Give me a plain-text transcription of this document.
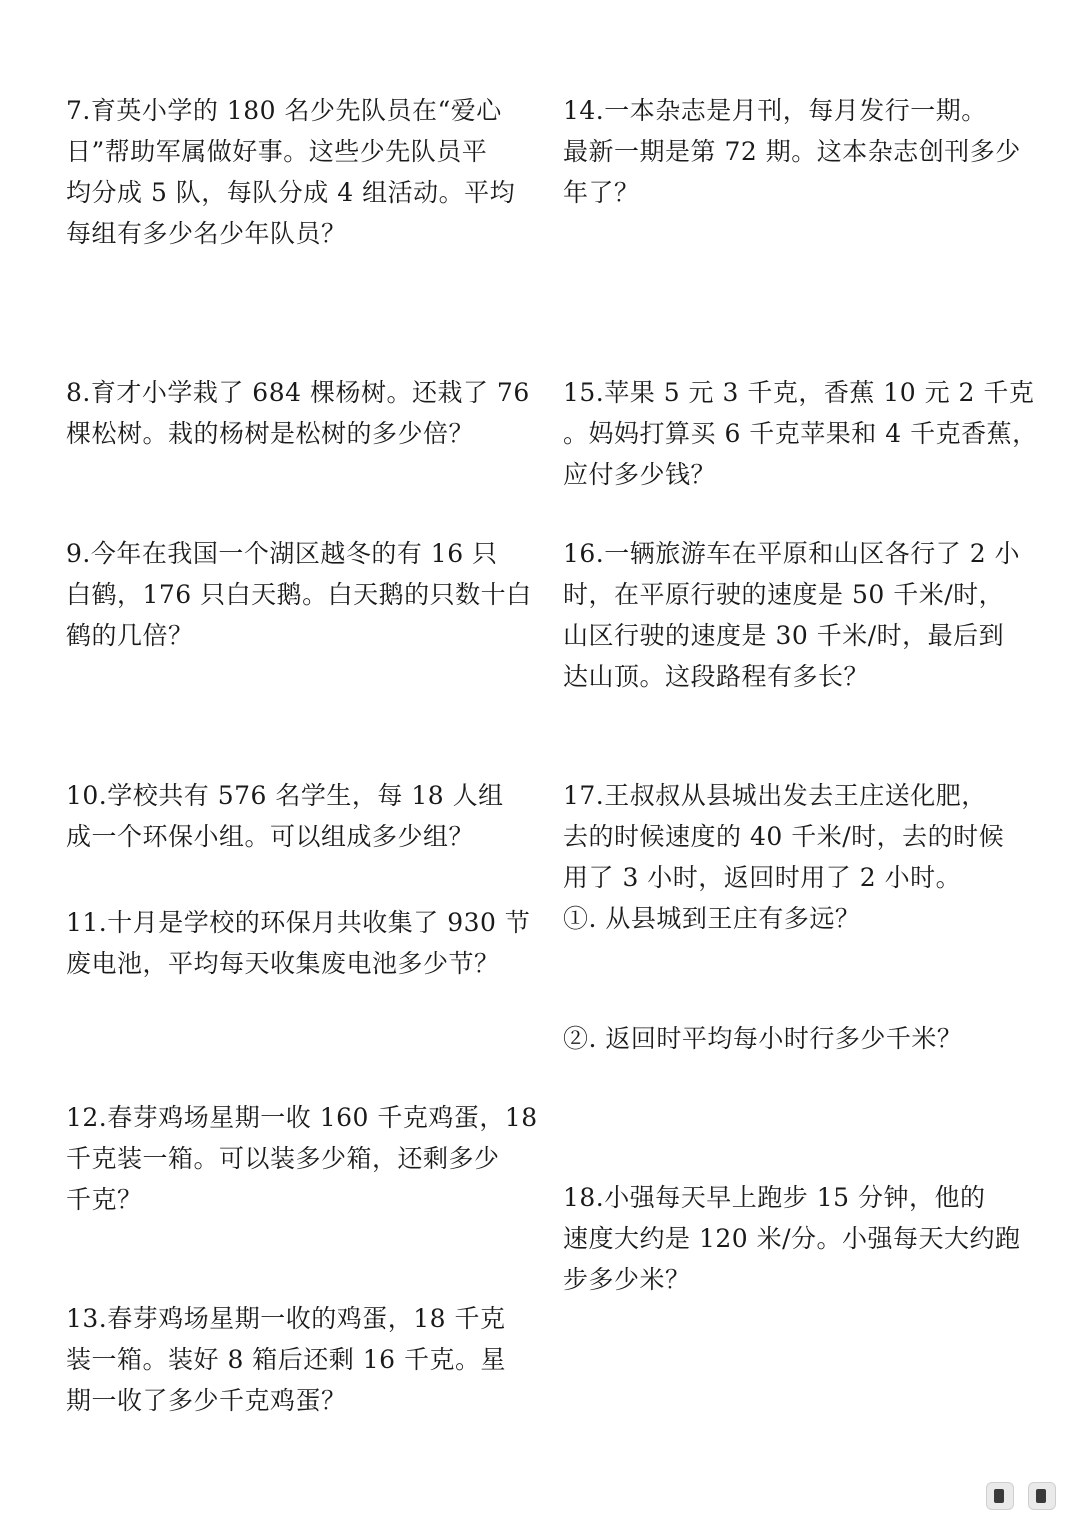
7.育英小学的 180 名少先队员在“爱心

日”帮助军属做好事。这些少先队员平

均分成 5 队，每队分成 4 组活动。平均

每组有多少名少年队员？

8.育才小学栽了 684 棵杨树。还栽了 76

棵松树。栽的杨树是松树的多少倍？

9.今年在我国一个湖区越冬的有 16 只

白鹤，176 只白天鹅。白天鹅的只数十白

鹤的几倍？

10.学校共有 576 名学生，每 18 人组

成一个环保小组。可以组成多少组？

11.十月是学校的环保月共收集了 930 节

废电池，平均每天收集废电池多少节？

12.春芽鸡场星期一收 160 千克鸡蛋，18

千克装一箱。可以装多少箱，还剩多少

千克？

13.春芽鸡场星期一收的鸡蛋，18 千克

装一箱。装好 8 箱后还剩 16 千克。星

期一收了多少千克鸡蛋？

14.一本杂志是月刊，每月发行一期。

最新一期是第 72 期。这本杂志创刊多少

年了？

15.苹果 5 元 3 千克，香蕉 10 元 2 千克

。妈妈打算买 6 千克苹果和 4 千克香蕉，

应付多少钱？

16.一辆旅游车在平原和山区各行了 2 小

时，在平原行驶的速度是 50 千米/时，

山区行驶的速度是 30 千米/时，最后到

达山顶。这段路程有多长？

17.王叔叔从县城出发去王庄送化肥，

去的时候速度的 40 千米/时，去的时候

用了 3 小时，返回时用了 2 小时。

①. 从县城到王庄有多远？

②. 返回时平均每小时行多少千米？

18.小强每天早上跑步 15 分钟，他的

速度大约是 120 米/分。小强每天大约跑

步多少米？
